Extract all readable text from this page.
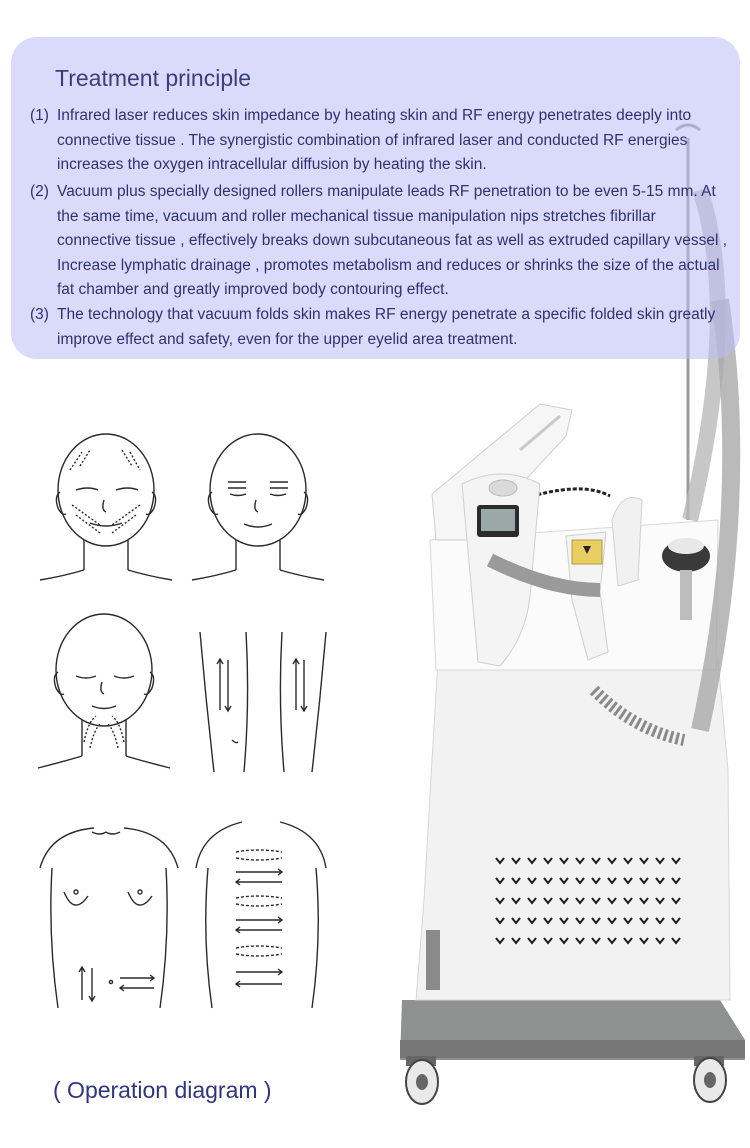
Treatment principle
(1) Infrared laser reduces skin impedance by heating skin and RF energy penetrates deeply into connective tissue . The synergistic combination of infrared laser and conducted RF energies increases the oxygen intracellular diffusion by heating the skin.
(2) Vacuum plus specially designed rollers manipulate leads RF penetration to be even 5-15 mm. At the same time, vacuum and roller mechanical tissue manipulation nips stretches fibrillar connective tissue , effectively breaks down subcutaneous fat as well as extruded capillary vessel , Increase lymphatic drainage , promotes metabolism and reduces or shrinks the size of the actual fat chamber and greatly improved body contouring effect.
(3) The technology that vacuum folds skin makes RF energy penetrate a specific folded skin greatly improve effect and safety, even for the upper eyelid area treatment.
( Operation diagram )
